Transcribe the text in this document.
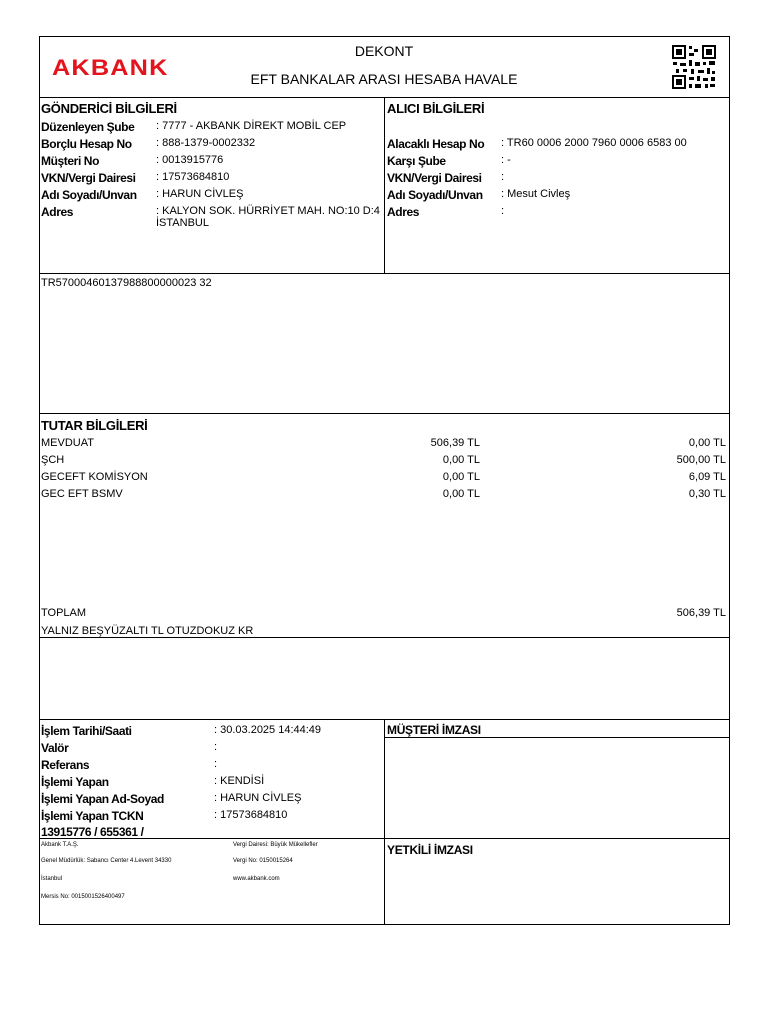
AKBANK
DEKONT
EFT BANKALAR ARASI HESABA HAVALE
GÖNDERİCİ BİLGİLERİ
Düzenleyen Şube : 7777 - AKBANK DİREKT MOBİL CEP
Borçlu Hesap No : 888-1379-0002332
Müşteri No	: 0013915776
VKN/Vergi Dairesi : 17573684810
Adı Soyadı/Unvan : HARUN CİVLEŞ
Adres	: KALYON SOK. HÜRRİYET MAH. NO:10 D:4
İSTANBUL
ALICI BİLGİLERİ
Alacaklı Hesap No : TR60 0006 2000 7960 0006 6583 00
Karşı Şube	: -
VKN/Vergi Dairesi :
Adı Soyadı/Unvan : Mesut Civleş
Adres	:
TR57000460137988800000023 32
TUTAR BİLGİLERİ
MEVDUAT	506,39 TL	0,00 TL
ŞCH	0,00 TL	500,00 TL
GECEFT KOMİSYON	0,00 TL	6,09 TL
GEC EFT BSMV	0,00 TL	0,30 TL
TOPLAM	506,39 TL
YALNIZ BEŞYÜZALTI TL OTUZDOKUZ KR
İşlem Tarihi/Saati	: 30.03.2025 14:44:49
Valör	:
Referans	:
İşlemi Yapan	: KENDİSİ
İşlemi Yapan Ad-Soyad	: HARUN CİVLEŞ
İşlemi Yapan TCKN	: 17573684810
13915776 / 655361 /
MÜŞTERİ İMZASI
YETKİLİ İMZASI
Akbank T.A.Ş.
Genel Müdürlük: Sabancı Center 4.Levent 34330
İstanbul
Mersis No: 0015001526400497
Vergi Dairesi: Büyük Mükellefler
Vergi No: 0150015264
www.akbank.com
